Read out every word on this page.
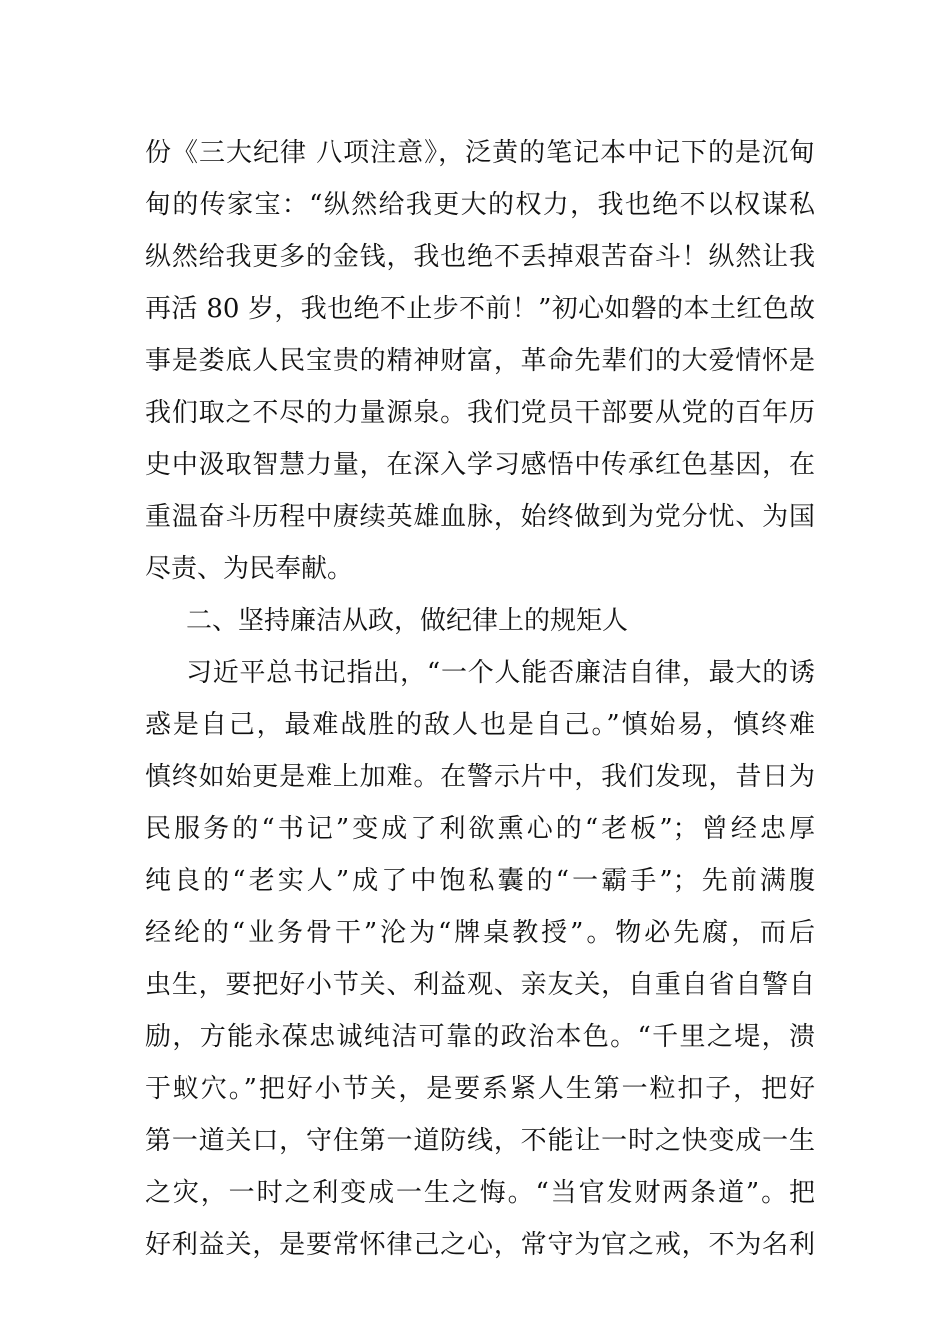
份《三大纪律 八项注意》，泛黄的笔记本中记下的是沉甸
甸的传家宝：“纵然给我更大的权力，我也绝不以权谋私
纵然给我更多的金钱，我也绝不丢掉艰苦奋斗！纵然让我
再活 80 岁，我也绝不止步不前！”初心如磐的本土红色故
事是娄底人民宝贵的精神财富，革命先辈们的大爱情怀是
我们取之不尽的力量源泉。我们党员干部要从党的百年历
史中汲取智慧力量，在深入学习感悟中传承红色基因，在
重温奋斗历程中赓续英雄血脉，始终做到为党分忧、为国
尽责、为民奉献。
二、坚持廉洁从政，做纪律上的规矩人
习近平总书记指出，“一个人能否廉洁自律，最大的诱
惑是自己，最难战胜的敌人也是自己。”慎始易，慎终难
慎终如始更是难上加难。在警示片中，我们发现，昔日为
民服务的“书记”变成了利欲熏心的“老板”；曾经忠厚
纯良的“老实人”成了中饱私囊的“一霸手”；先前满腹
经纶的“业务骨干”沦为“牌桌教授”。物必先腐，而后
虫生，要把好小节关、利益观、亲友关，自重自省自警自
励，方能永葆忠诚纯洁可靠的政治本色。“千里之堤，溃
于蚁穴。”把好小节关，是要系紧人生第一粒扣子，把好
第一道关口，守住第一道防线，不能让一时之快变成一生
之灾，一时之利变成一生之悔。“当官发财两条道”。把
好利益关，是要常怀律己之心，常守为官之戒，不为名利
